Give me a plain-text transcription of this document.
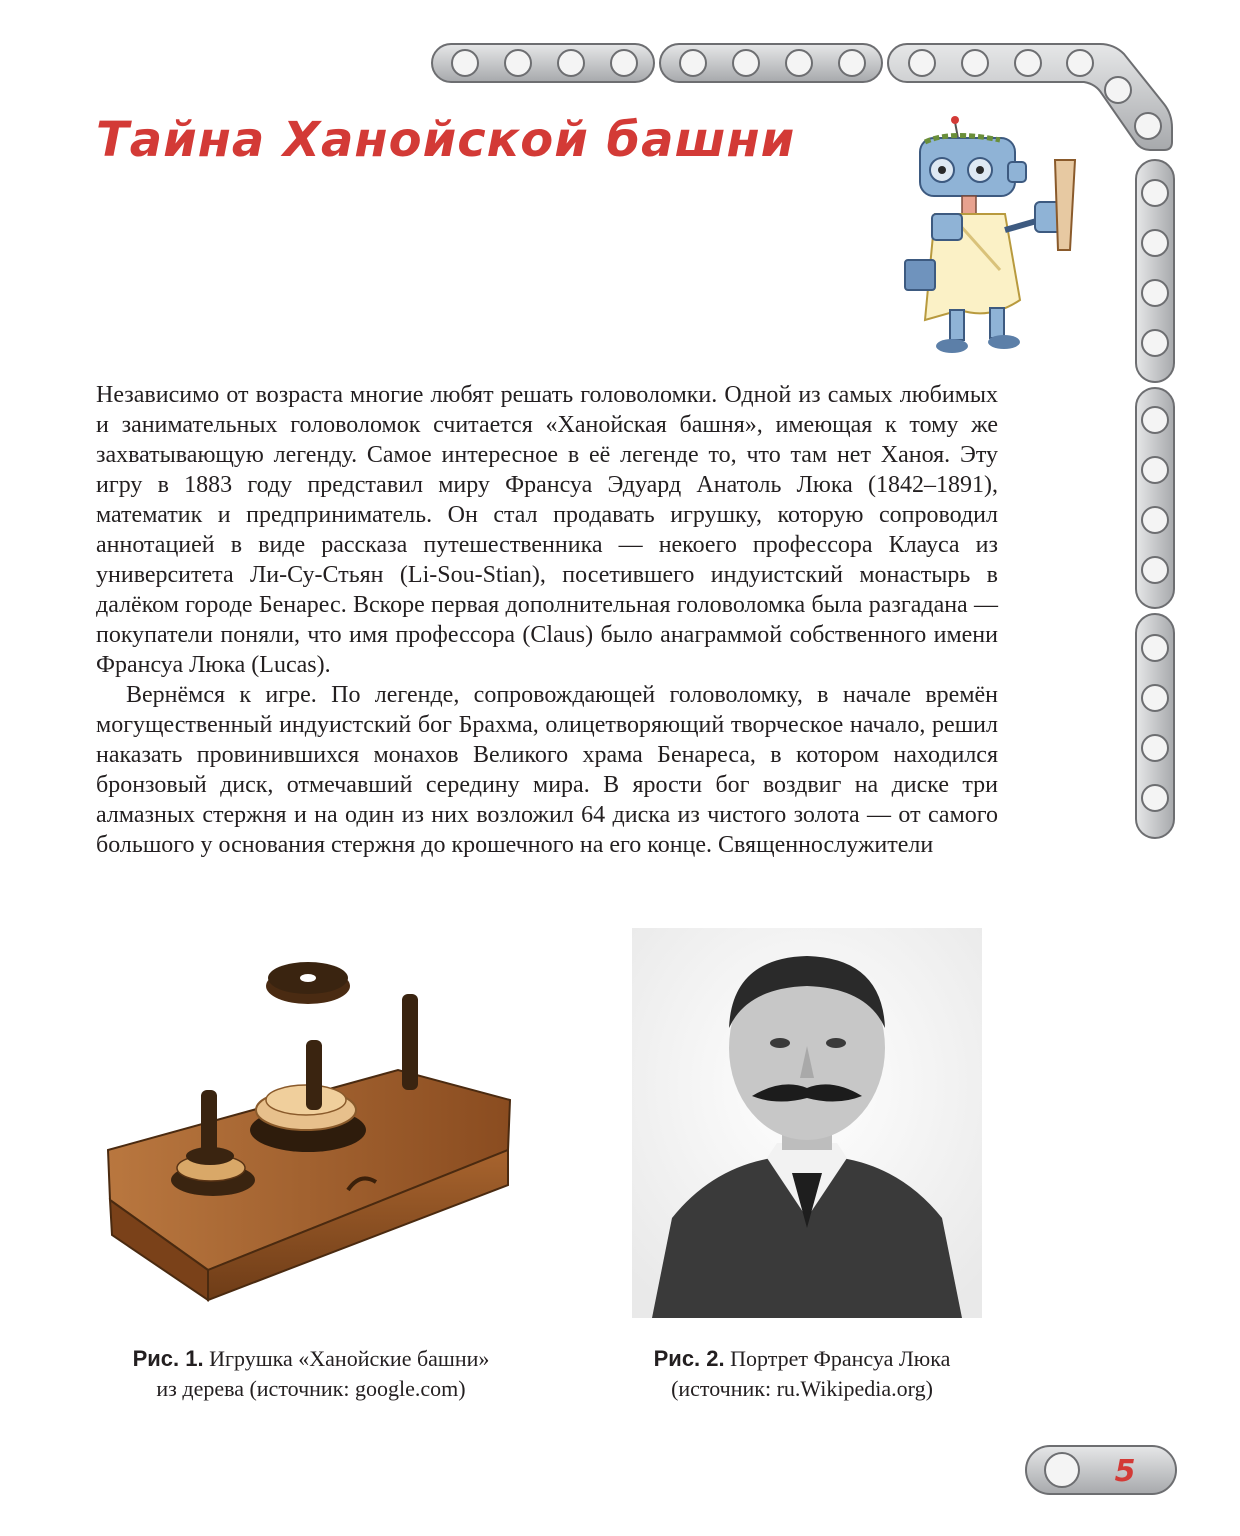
Тайна Ханойской башни

Независимо от возраста многие любят решать головоломки. Одной из самых любимых и занимательных головоломок считается «Ханойская башня», имеющая к тому же захватывающую легенду. Самое интересное в её легенде то, что там нет Ханоя. Эту игру в 1883 году представил миру Франсуа Эдуард Анатоль Люка (1842–1891), математик и предприниматель. Он стал продавать игрушку, которую сопроводил аннотацией в виде рассказа путешественника — некоего профессора Клауса из университета Ли-Су-Стьян (Li-Sou-Stian), посетившего индуистский монастырь в далёком городе Бенарес. Вскоре первая дополнительная головоломка была разгадана — покупатели поняли, что имя профессора (Claus) было анаграммой собственного имени Франсуа Люка (Lucas).

Вернёмся к игре. По легенде, сопровождающей головоломку, в начале времён могущественный индуистский бог Брахма, олицетворяющий творческое начало, решил наказать провинившихся монахов Великого храма Бенареса, в котором находился бронзовый диск, отмечавший середину мира. В ярости бог воздвиг на диске три алмазных стержня и на один из них возложил 64 диска из чистого золота — от самого большого у основания стержня до крошечного на его конце. Священнослужители

Рис. 1. Игрушка «Ханойские башни»
из дерева (источник: google.com)
Рис. 2. Портрет Франсуа Люка
(источник: ru.Wikipedia.org)
5
